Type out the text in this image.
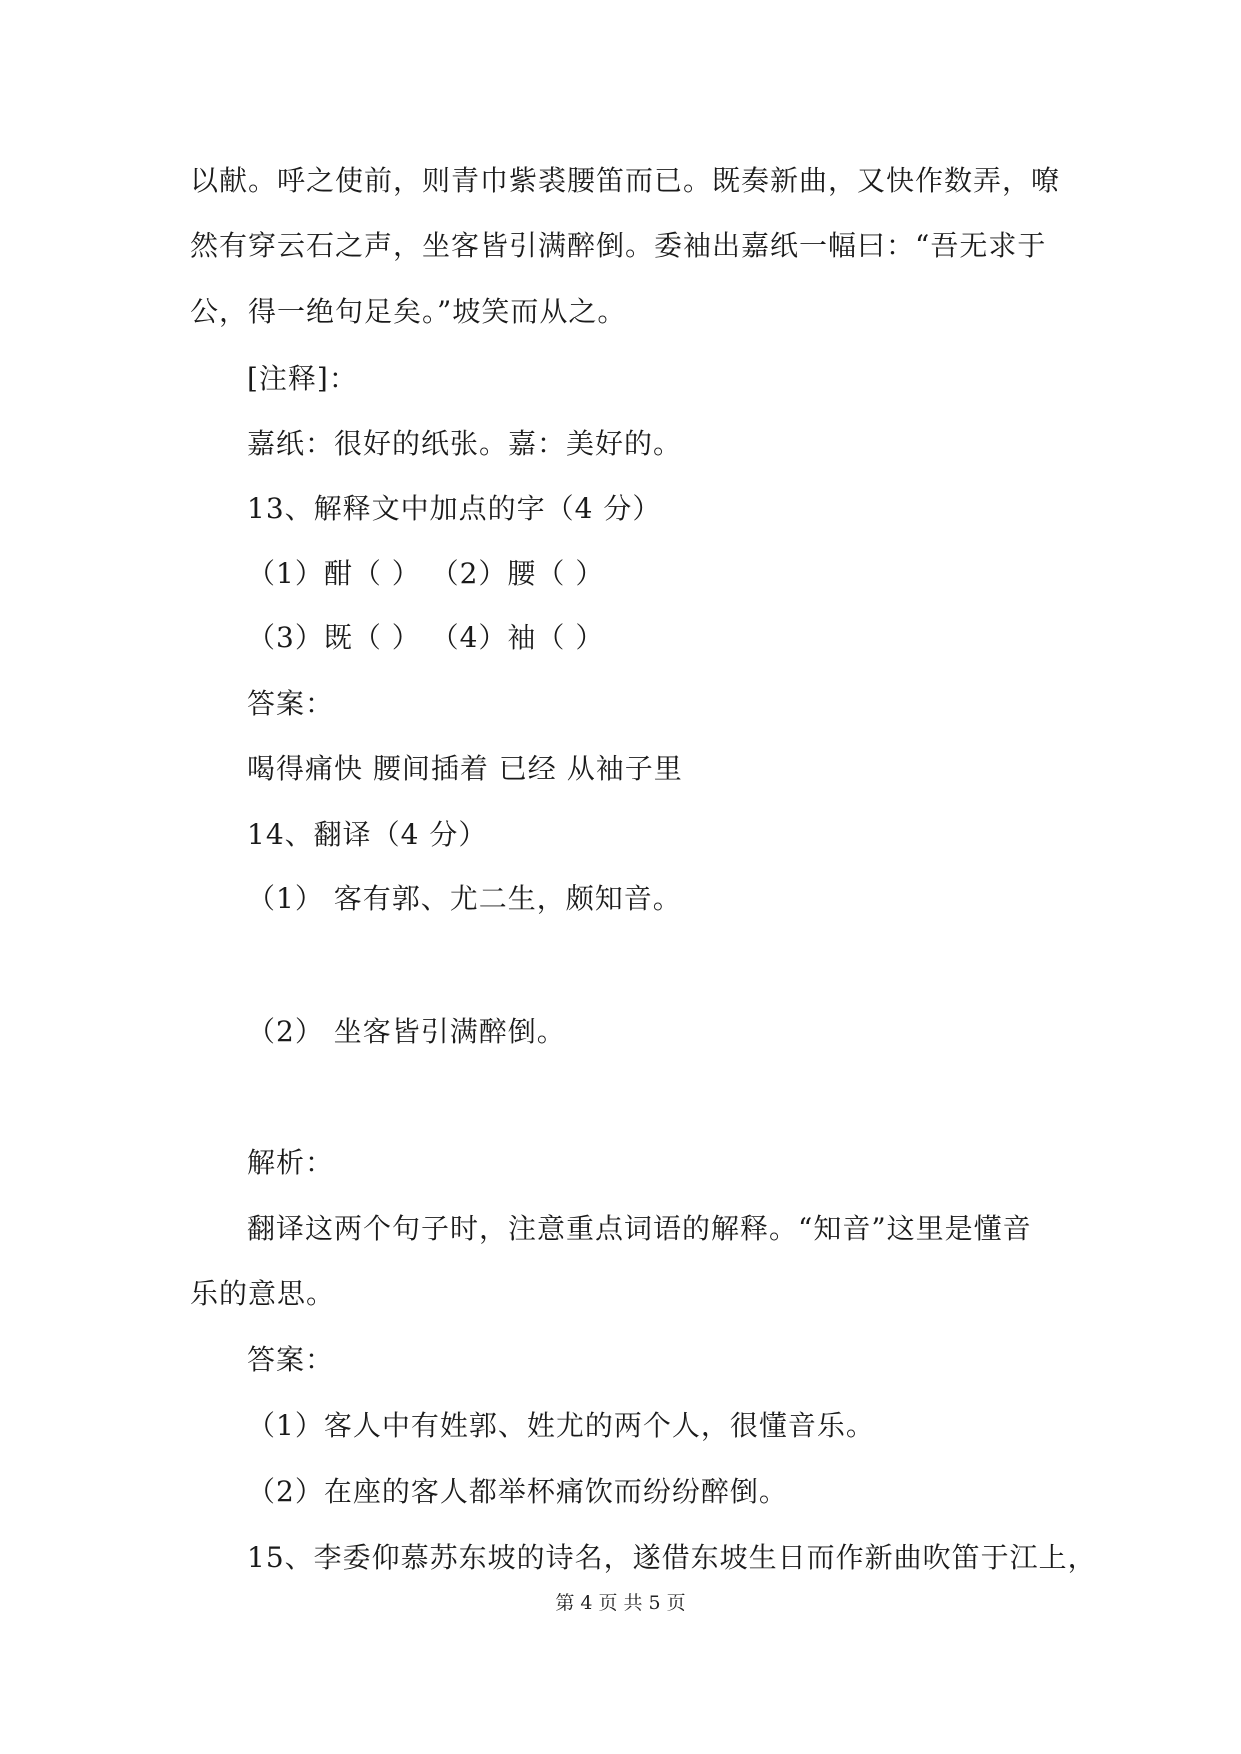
以献。呼之使前，则青巾紫裘腰笛而已。既奏新曲，又快作数弄，嘹
然有穿云石之声，坐客皆引满醉倒。委袖出嘉纸一幅曰：“吾无求于
公，得一绝句足矣。”坡笑而从之。
[注释]：
嘉纸：很好的纸张。嘉：美好的。
13、解释文中加点的字（4 分）
（1）酣（ ） （2）腰（ ）
（3）既（ ） （4）袖（ ）
答案：
喝得痛快 腰间插着 已经 从袖子里
14、翻译（4 分）
（1） 客有郭、尤二生，颇知音。
（2） 坐客皆引满醉倒。
解析：
翻译这两个句子时，注意重点词语的解释。“知音”这里是懂音
乐的意思。
答案：
（1）客人中有姓郭、姓尤的两个人，很懂音乐。
（2）在座的客人都举杯痛饮而纷纷醉倒。
15、李委仰慕苏东坡的诗名，遂借东坡生日而作新曲吹笛于江上，
第 4 页 共 5 页
